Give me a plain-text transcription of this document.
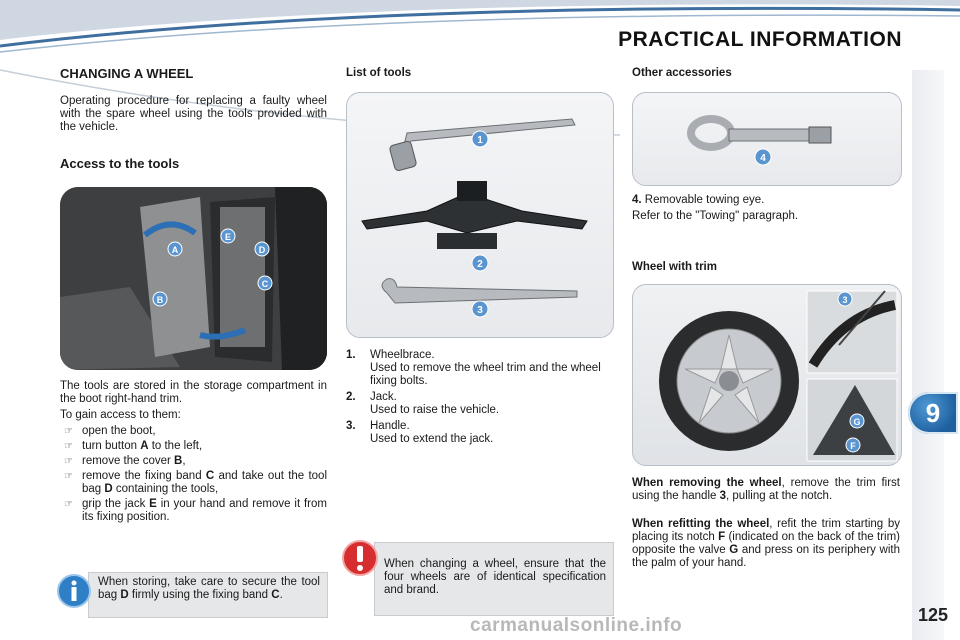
PRACTICAL INFORMATION
9
CHANGING A WHEEL

Operating procedure for replacing a faulty wheel with the spare wheel using the tools provided with the vehicle.

Access to the tools
A
B
C
D
E

The tools are stored in the storage compartment in the boot right-hand trim.

To gain access to them:

☞ open the boot,
☞ turn button A to the left,
☞ remove the cover B,
☞ remove the fixing band C and take out the tool bag D containing the tools,
☞ grip the jack E in your hand and remove it from its fixing position.

When storing, take care to secure the tool bag D firmly using the fixing band C.

List of tools
1
2
3
1.	Wheelbrace.
Used to remove the wheel trim and the wheel fixing bolts.
2.	Jack.
Used to raise the vehicle.
3.	Handle.
Used to extend the jack.

When changing a wheel, ensure that the four wheels are of identical specification and brand.

Other accessories
4

4. Removable towing eye.

Refer to the "Towing" paragraph.

Wheel with trim
3
G
F

When removing the wheel, remove the trim first using the handle 3, pulling at the notch.

When refitting the wheel, refit the trim starting by placing its notch F (indicated on the back of the trim) opposite the valve G and press on its periphery with the palm of your hand.

125
carmanualsonline.info
